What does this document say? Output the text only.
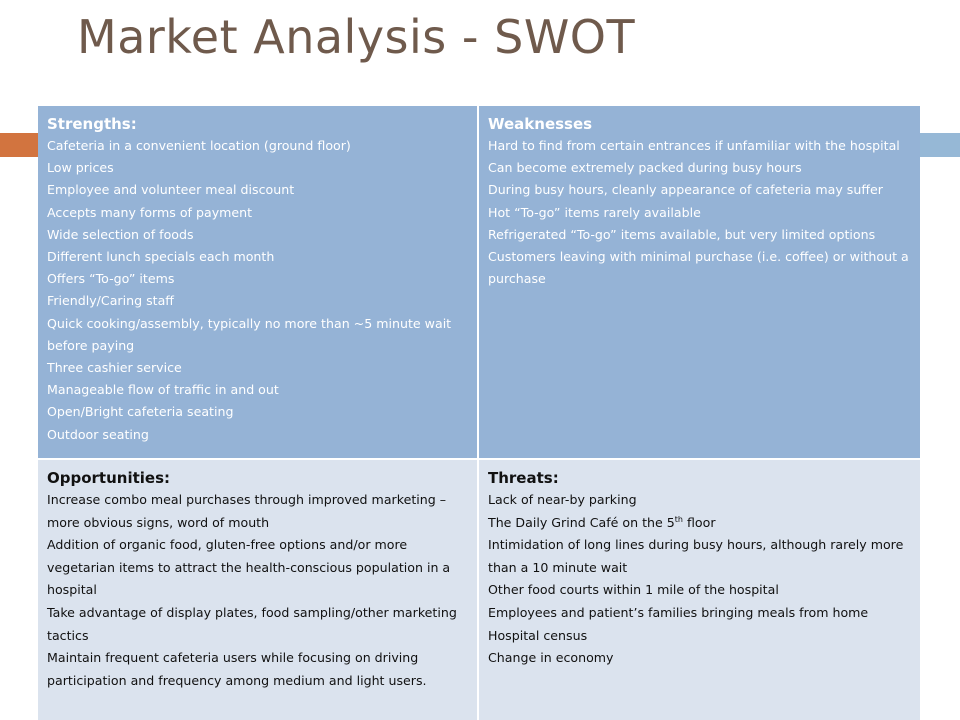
Market Analysis - SWOT
Strengths:
Cafeteria in a convenient location (ground floor)
Low prices
Employee and volunteer meal discount
Accepts many forms of payment
Wide selection of foods
Different lunch specials each month
Offers “To-go” items
Friendly/Caring staff
Quick cooking/assembly, typically no more than ~5 minute wait before paying
Three cashier service
Manageable flow of traffic in and out
Open/Bright cafeteria seating
Outdoor seating
Weaknesses
Hard to find from certain entrances if unfamiliar with the hospital
Can become extremely packed during busy hours
During busy hours, cleanly appearance of cafeteria may suffer
Hot “To-go” items rarely available
Refrigerated “To-go” items available, but very limited options
Customers leaving with minimal purchase (i.e. coffee) or without a purchase
Opportunities:
Increase combo meal purchases through improved marketing – more obvious signs, word of mouth
Addition of organic food, gluten-free options and/or more vegetarian items to attract the health-conscious population in a hospital
Take advantage of display plates, food sampling/other marketing tactics
Maintain frequent cafeteria users while focusing on driving participation and frequency among medium and light users.
Threats:
Lack of near-by parking
The Daily Grind Café on the 5th floor
Intimidation of long lines during busy hours, although rarely more than a 10 minute wait
Other food courts within 1 mile of the hospital
Employees and patient’s families bringing meals from home
Hospital census
Change in economy
